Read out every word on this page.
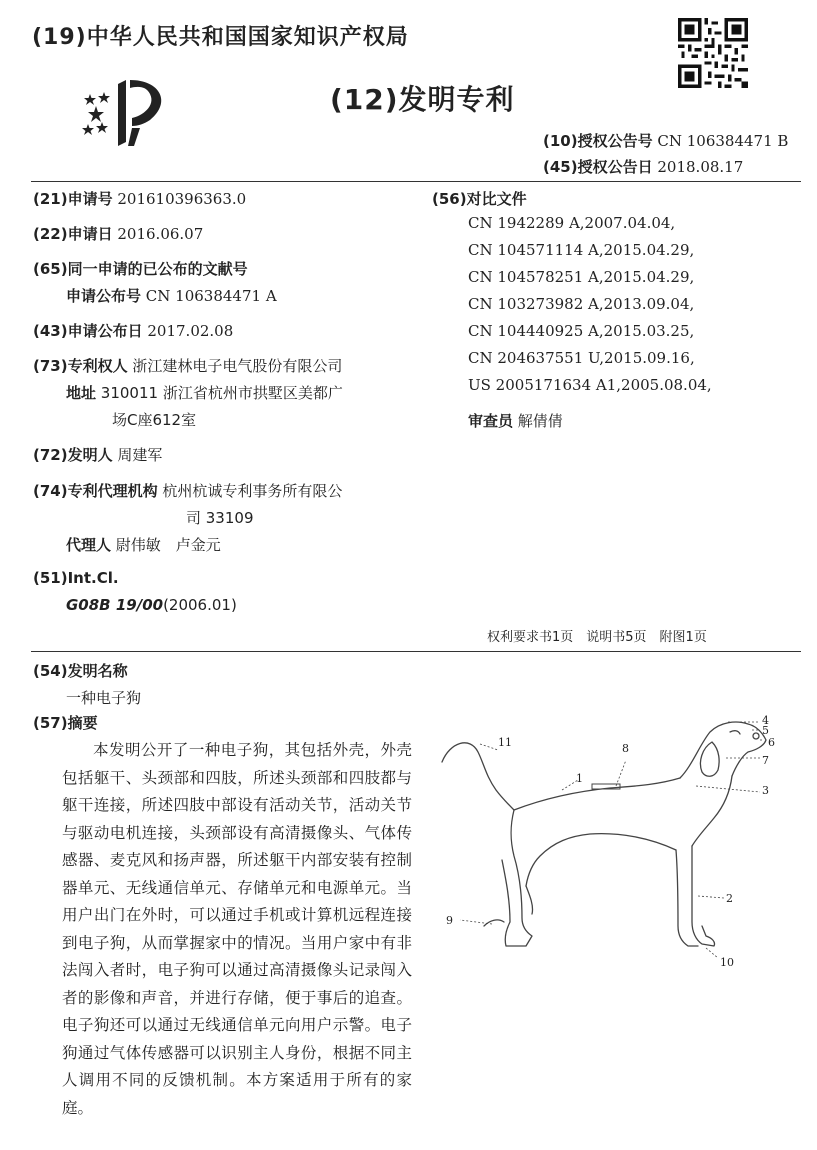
(19)中华人民共和国国家知识产权局
(12)发明专利
(10)授权公告号 CN 106384471 B
(45)授权公告日 2018.08.17
(21)申请号 201610396363.0
(22)申请日 2016.06.07
(65)同一申请的已公布的文献号
申请公布号 CN 106384471 A
(43)申请公布日 2017.02.08
(73)专利权人 浙江建林电子电气股份有限公司
地址 310011 浙江省杭州市拱墅区美都广
场C座612室
(72)发明人 周建军
(74)专利代理机构 杭州杭诚专利事务所有限公
司 33109
代理人 尉伟敏　卢金元
(51)Int.Cl.
G08B 19/00(2006.01)
(56)对比文件
CN 1942289 A,2007.04.04,
CN 104571114 A,2015.04.29,
CN 104578251 A,2015.04.29,
CN 103273982 A,2013.09.04,
CN 104440925 A,2015.03.25,
CN 204637551 U,2015.09.16,
US 2005171634 A1,2005.08.04,
审查员 解倩倩
权利要求书1页　说明书5页　附图1页
(54)发明名称
一种电子狗
(57)摘要
本发明公开了一种电子狗，其包括外壳，外壳包括躯干、头颈部和四肢，所述头颈部和四肢都与躯干连接，所述四肢中部设有活动关节，活动关节与驱动电机连接，头颈部设有高清摄像头、气体传感器、麦克风和扬声器，所述躯干内部安装有控制器单元、无线通信单元、存储单元和电源单元。当用户出门在外时，可以通过手机或计算机远程连接到电子狗，从而掌握家中的情况。当用户家中有非法闯入者时，电子狗可以通过高清摄像头记录闯入者的影像和声音，并进行存储，便于事后的追查。电子狗还可以通过无线通信单元向用户示警。电子狗通过气体传感器可以识别主人身份，根据不同主人调用不同的反馈机制。本方案适用于所有的家庭。
4
5
6
7
3
2
10
9
11
1
8
